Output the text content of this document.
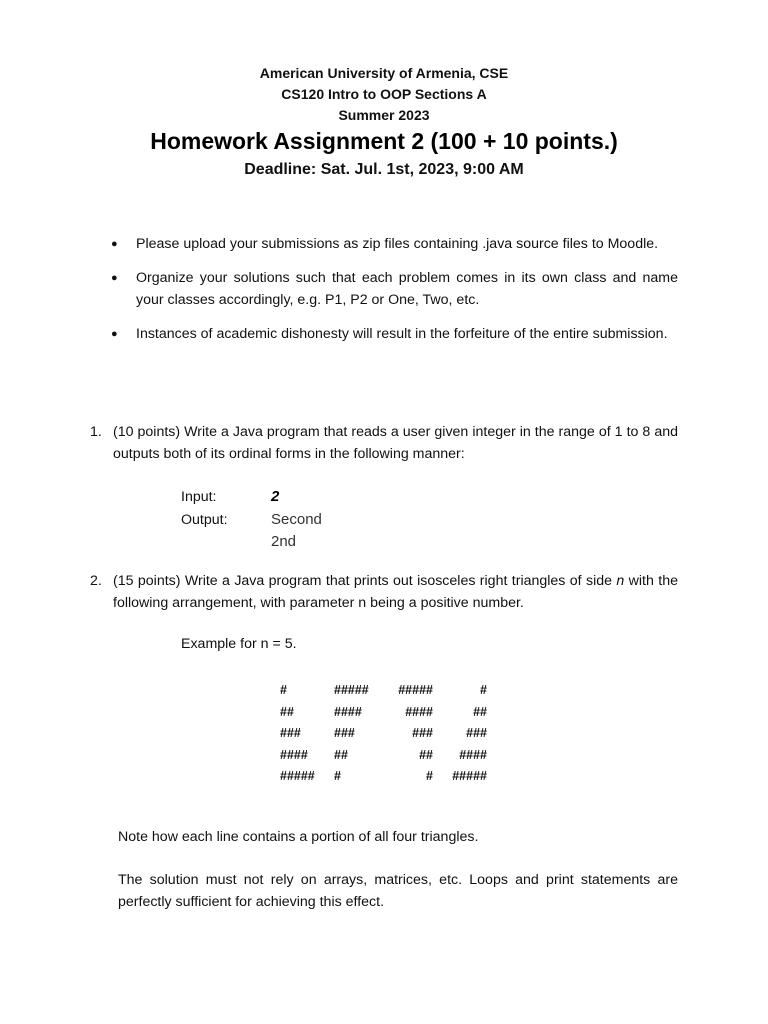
American University of Armenia, CSE
CS120 Intro to OOP Sections A
Summer 2023
Homework Assignment 2 (100 + 10 points.)
Deadline: Sat. Jul. 1st, 2023, 9:00 AM
● Please upload your submissions as zip files containing .java source files to Moodle.
● Organize your solutions such that each problem comes in its own class and name your classes accordingly, e.g. P1, P2 or One, Two, etc.
● Instances of academic dishonesty will result in the forfeiture of the entire submission.
1. (10 points) Write a Java program that reads a user given integer in the range of 1 to 8 and outputs both of its ordinal forms in the following manner:
Input:	2
Output:	Second
2nd
2. (15 points) Write a Java program that prints out isosceles right triangles of side n with the following arrangement, with parameter n being a positive number.
Example for n = 5.
#	##### #####	#
##	####	####	##
###	###	###	###
#### ##	## ####
##### #	# #####
Note how each line contains a portion of all four triangles.
The solution must not rely on arrays, matrices, etc. Loops and print statements are perfectly sufficient for achieving this effect.
